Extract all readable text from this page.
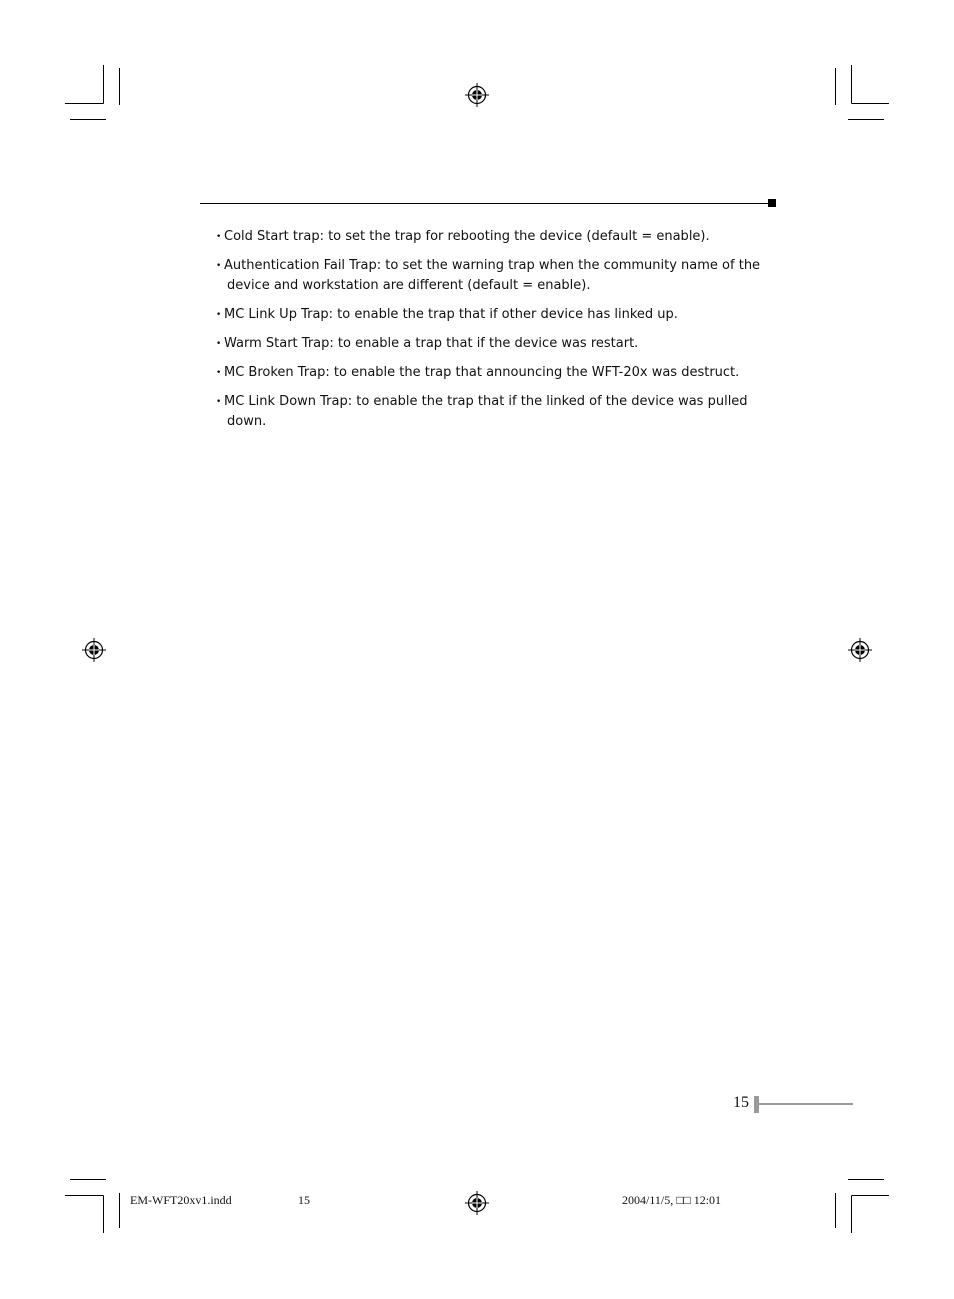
• Cold Start trap: to set the trap for rebooting the device (default = enable).
• Authentication Fail Trap: to set the warning trap when the community name of the
device and workstation are different (default = enable).
• MC Link Up Trap: to enable the trap that if other device has linked up.
• Warm Start Trap: to enable a trap that if the device was restart.
• MC Broken Trap: to enable the trap that announcing the WFT-20x was destruct.
• MC Link Down Trap: to enable the trap that if the linked of the device was pulled
down.
15
EM-WFT20xv1.indd	15	2004/11/5, □□ 12:01
